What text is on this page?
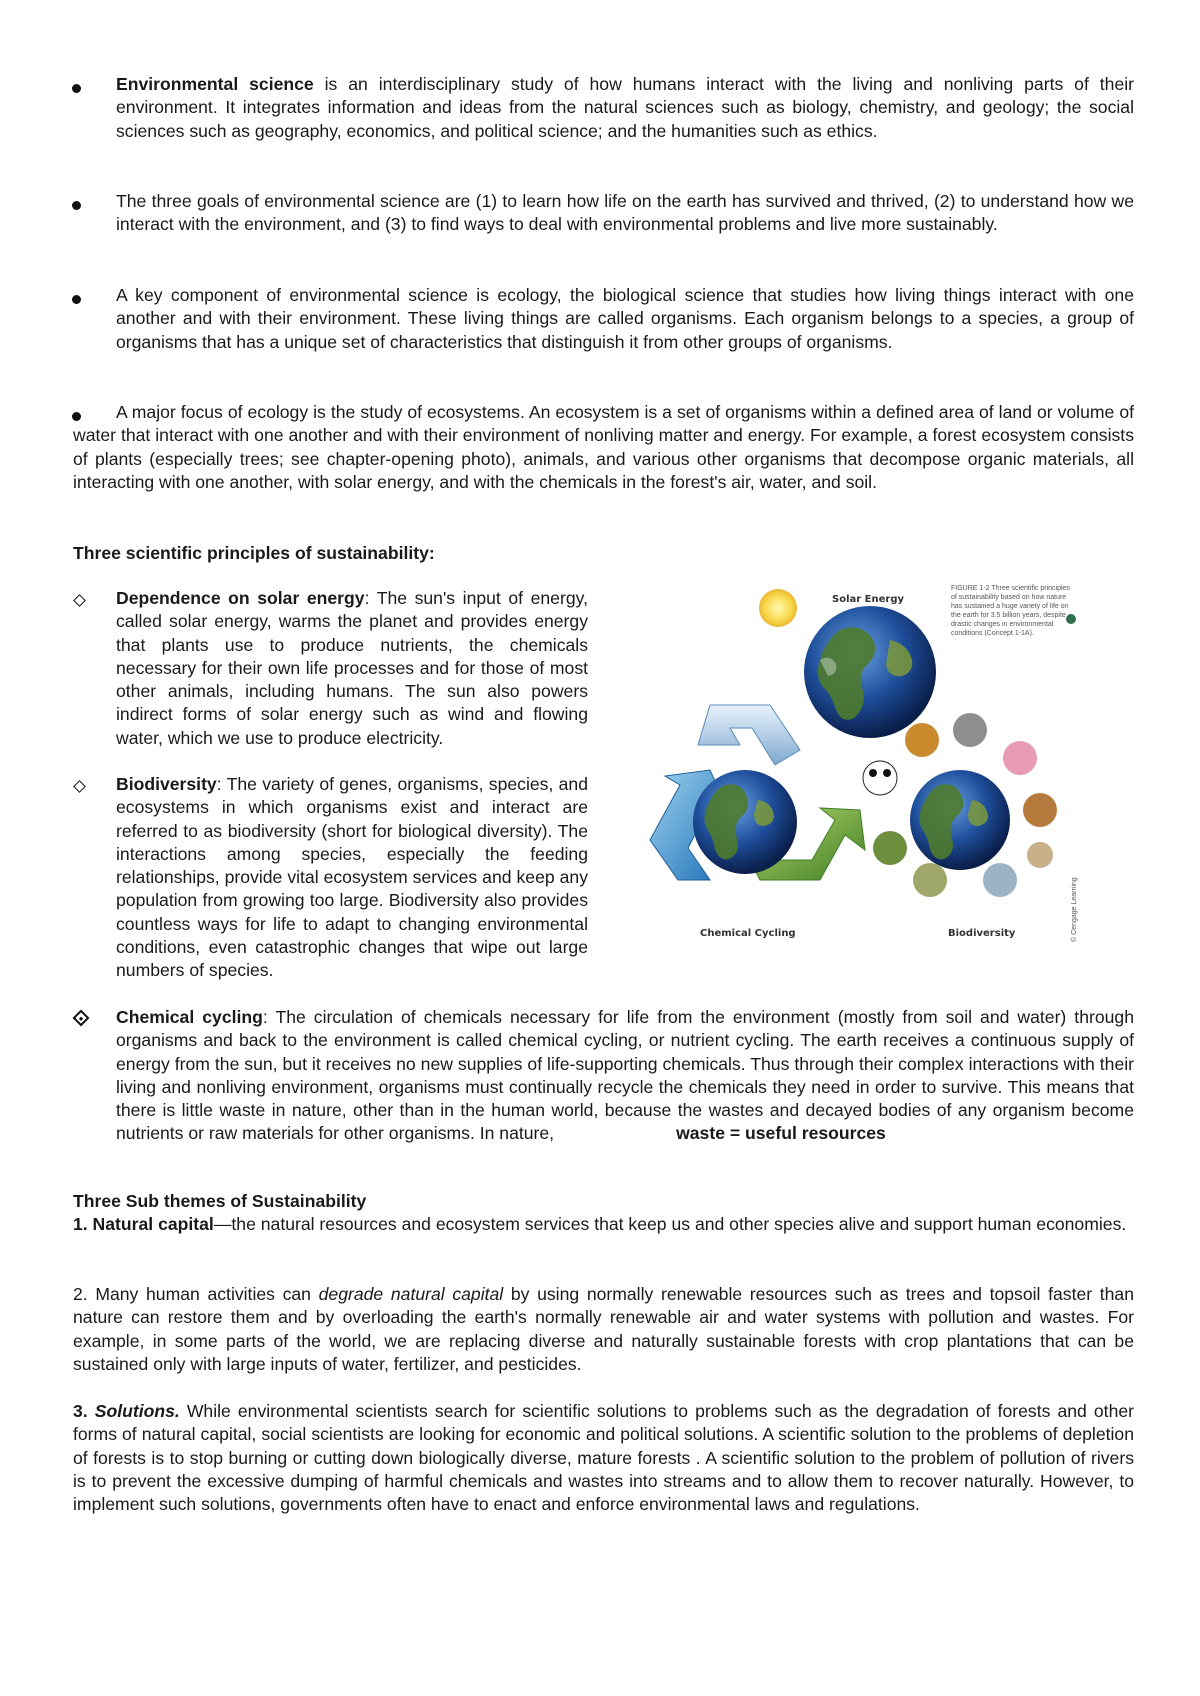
Environmental science is an interdisciplinary study of how humans interact with the living and nonliving parts of their environment. It integrates information and ideas from the natural sciences such as biology, chemistry, and geology; the social sciences such as geography, economics, and political science; and the humanities such as ethics.

The three goals of environmental science are (1) to learn how life on the earth has survived and thrived, (2) to understand how we interact with the environment, and (3) to find ways to deal with environmental problems and live more sustainably.

A key component of environmental science is ecology, the biological science that studies how living things interact with one another and with their environment. These living things are called organisms. Each organism belongs to a species, a group of organisms that has a unique set of characteristics that distinguish it from other groups of organisms.

A major focus of ecology is the study of ecosystems. An ecosystem is a set of organisms within a defined area of land or volume of water that interact with one another and with their environment of nonliving matter and energy. For example, a forest ecosystem consists of plants (especially trees; see chapter-opening photo), animals, and various other organisms that decompose organic materials, all interacting with one another, with solar energy, and with the chemicals in the forest's air, water, and soil.

Three scientific principles of sustainability:

Dependence on solar energy: The sun's input of energy, called solar energy, warms the planet and provides energy that plants use to produce nutrients, the chemicals necessary for their own life processes and for those of most other animals, including humans. The sun also powers indirect forms of solar energy such as wind and flowing water, which we use to produce electricity.

Biodiversity: The variety of genes, organisms, species, and ecosystems in which organisms exist and interact are referred to as biodiversity (short for biological diversity). The interactions among species, especially the feeding relationships, provide vital ecosystem services and keep any population from growing too large. Biodiversity also provides countless ways for life to adapt to changing environmental conditions, even catastrophic changes that wipe out large numbers of species.

Chemical cycling: The circulation of chemicals necessary for life from the environment (mostly from soil and water) through organisms and back to the environment is called chemical cycling, or nutrient cycling. The earth receives a continuous supply of energy from the sun, but it receives no new supplies of life-supporting chemicals. Thus through their complex interactions with their living and nonliving environment, organisms must continually recycle the chemicals they need in order to survive. This means that there is little waste in nature, other than in the human world, because the wastes and decayed bodies of any organism become nutrients or raw materials for other organisms. In nature,	waste = useful resources

Solar Energy
FIGURE 1-2 Three scientific principles
of sustainability based on how nature
has sustained a huge variety of life on
the earth for 3.5 billion years, despite
drastic changes in environmental
conditions (Concept 1-1A).
Chemical Cycling	Biodiversity	© Cengage Learning

Three Sub themes of Sustainability

1. Natural capital—the natural resources and ecosystem services that keep us and other species alive and support human economies.

2. Many human activities can degrade natural capital by using normally renewable resources such as trees and topsoil faster than nature can restore them and by overloading the earth's normally renewable air and water systems with pollution and wastes. For example, in some parts of the world, we are replacing diverse and naturally sustainable forests with crop plantations that can be sustained only with large inputs of water, fertilizer, and pesticides.

3. Solutions. While environmental scientists search for scientific solutions to problems such as the degradation of forests and other forms of natural capital, social scientists are looking for economic and political solutions. A scientific solution to the problems of depletion of forests is to stop burning or cutting down biologically diverse, mature forests . A scientific solution to the problem of pollution of rivers is to prevent the excessive dumping of harmful chemicals and wastes into streams and to allow them to recover naturally. However, to implement such solutions, governments often have to enact and enforce environmental laws and regulations.
